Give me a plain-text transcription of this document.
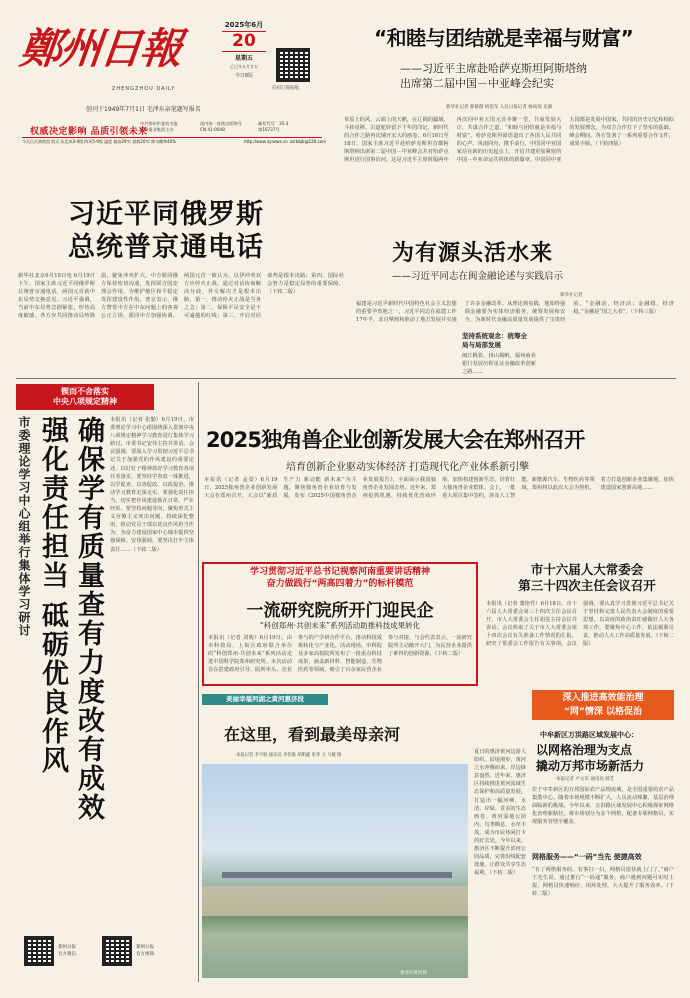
鄭州日報
ZHENGZHOU DAILY
创刊于1949年7月1日 毛泽东亲笔题写报名
2025年6月
20
星期五
乙巳年五月廿五
今日8版
扫码订阅报纸
权威决定影响 品质引领未来
中共郑州市委机关报
郑州报业集团主办
国内统一连续出版物号
CN 41-0048
邮发代号：35-3
第16737号
今天白天到夜里 阴天 东北风3-4级 阵风5-6级 温度 最高29℃ 最低20℃ 降水概率40%	http://www.zynews.cn zzrbbjb@126.com
“和睦与团结就是幸福与财富”
——习近平主席赴哈萨克斯坦阿斯塔纳
出席第二届中国－中亚峰会纪实
新华社记者 郝薇薇 杨依军 人民日报记者 杨尚琛 龙谦
草原上的风，云端上的天鹅，在辽阔的疆域，斗转星移。古道驼铃留下千年的印记，新时代的合作之路再次铺开宏大的画卷。6月16日至18日，国家主席习近平赴哈萨克斯坦首都阿斯塔纳出席第二届中国－中亚峰会并对哈萨克斯坦进行国事访问。这是习近平主席时隔两年再次同中亚五国元首齐聚一堂，共商发展大计，共谋合作之道。“和睦与团结就是幸福与财富”，哈萨克斯坦谚语道出了各国人民共同的心声。风雨同舟，携手前行，中国同中亚国家站在新的历史起点上，开启共建更加紧密的中国－中亚命运共同体的新篇章。中国同中亚五国都是发展中国家，共同的历史记忆和相似的发展理念，为双方合作打下了坚实的基础。峰会期间，各方签署了一系列重要合作文件，成果丰硕。（下转四版）
习近平同俄罗斯
总统普京通电话
新华社北京6月19日电 6月19日下午，国家主席习近平同俄罗斯总统普京通电话。两国元首就中东局势交换意见。习近平强调，当前中东局势急剧紧张，形势高度敏感，各方应共同推动局势降温，避免冲突扩大。中方愿同俄方保持密切沟通，发挥联合国安理会作用，为维护地区和平稳定发挥建设性作用。普京表示，俄方赞赏中方在中东问题上的客观公正立场，愿同中方加强协调。两国元首一致认为，以伊冲突双方应停火止战，通过对话协商解决分歧，外交解决才是根本出路。第一，推动停火止战是当务之急；第二，保障平民安全是不可逾越的红线；第三，开启对话谈判是根本出路；第四，国际社会努力是稳定局势的重要保障。（下转二版）
为有源头活水来
——习近平同志在闽金融论述与实践启示
新华社记者
福建是习近平新时代中国特色社会主义思想的重要孕育地之一。习近平同志在福建工作17年半，亲自擘画和推动了地方发展并实施了许多金融改革。从理论到实践，他始终强调金融要为实体经济服务，统筹发展和安全，为新时代金融高质量发展提供了宝贵经验。“金融活，经济活；金融稳，经济稳。”金融是“国之大者”。（下转三版）
坚持系统观念：统筹全局与局部发展
闽江帆影，扬山揭帆，福州商业银行发展历程见证金融改革创新之路……
锲而不舍落实
中央八项规定精神
市委理论学习中心组举行集体学习研讨	确保学有质量查有力度改有成效
强化责任担当 砥砺优良作风
本报讯（记者 张勤）6月19日，市委理论学习中心组围绕深入贯彻中央八项规定精神学习教育进行集体学习研讨。市委书记安伟主持并讲话。会议强调，要深入学习贯彻习近平总书记关于加强党的作风建设的重要论述，以钉钉子精神抓好学习教育各项任务落实。要坚持学查改一体推进，以学促查、以查促改、以改促治，推动学习教育走深走实。要强化责任担当，切实把作风建设抓在日常、严在经常。要坚持问题导向，聚焦形式主义官僚主义突出问题，持续深化整治，推动党员干部以优良作风担当作为，为奋力建设国家中心城市提供坚强保障。安伟强调，要坚决扛牢主体责任……（下转二版）
郑州日报
官方微信
郑州日报
官方视频
2025独角兽企业创新发展大会在郑州召开
培育创新企业驱动实体经济 打造现代化产业体系新引擎
本报讯（记者 孟姿）6月19日，2025独角兽企业创新发展大会在郑州召开。大会以“新质生产力 新动能 新未来”为主题，聚焦独角兽企业培育与发展，发布《2025中国独角兽企业发展报告》，全面展示我国独角兽企业发展态势。近年来，郑州抢抓机遇，持续优化营商环境，加快构建创新生态，培育壮大独角兽企业群体。会上，一批重大项目集中签约，涉及人工智能、新能源汽车、生物医药等领域。郑州将以此次大会为契机，着力打造创新企业集聚地，加快建设国家创新高地……
学习贯彻习近平总书记视察河南重要讲话精神
奋力做践行“两高四着力”的标杆模范
一流研究院所开门迎民企
“科创郑州·共创未来”系列活动助推科技成果转化
本报讯（记者 刘俊）6月19日，由市科技局、上街区政府联合举办的“科创郑州·共创未来”系列活动走进中国科学院郑州研究所。本次活动旨在搭建政府引导、院所牵头、企业参与的产学研合作平台，推动科技成果转化与产业化。活动现场，中科院及多家高校院所发布了一批重点科技成果，涵盖新材料、智能制造、生物医药等领域，吸引了百余家民营企业参与对接。与会代表表示，一流研究院所主动敞开大门，为民营企业提供了难得的创新资源。（下转二版）
市十六届人大常委会
第三十四次主任会议召开
本报讯（记者 董艳竹）6月18日，市十六届人大常委会第三十四次主任会议召开。市人大常委会主任胡荃主持会议并讲话。会议听取了关于市人大常委会第十四次会议有关准备工作情况的汇报，研究了常委会工作报告有关事项。会议强调，要认真学习贯彻习近平总书记关于坚持和完善人民代表大会制度的重要思想，以高度的政治责任感做好人大各项工作。要聚焦中心工作，依法履职尽责，推动人大工作高质量发展。（下转二版）
美丽幸福河湖之黄河惠济段
在这里，看到最美母亲河
本报记者 李宇航 通讯员 李伟康 胡明鑫 张华 文 马敏 图
惠济区黄河段
夏日的惠济黄河边游人如织。沿堤漫步，黄河之水奔腾而来，岸边绿意盎然。近年来，惠济区持续推进黄河流域生态保护和高质量发展，打造出一幅河畅、水清、岸绿、景美的生态画卷。黄河湿地公园内，鸟类栖息，水草丰茂，成为市民休闲打卡的好去处。今年以来，惠济区不断提升滨河公园品质，完善沿线配套设施，让群众共享生态福利。（下转二版）
深入推进高效能治理
“网”情深 以格促治
中牟新区万洪路区域发展中心：
以网格治理为支点
撬动万邦市场新活力
本报记者 卢文军 通讯员 韩艺
位于中牟新区的万邦国际农产品物流城，是全国重要的农产品集散中心。随着市场规模不断扩大，人员流动频繁，基层治理面临新的挑战。今年以来，万洪路区域发展中心积极探索网格化治理新路径，将市场划分为多个网格，配备专职网格员，实现服务管理全覆盖。
网格服务——“一码”当先 便捷高效
“有了网格服务码，有事扫一扫，网格员很快就上门了。”商户王先生说。通过推行“一码通”服务，商户遇到问题可实时上报，网格员快速响应、闭环处理，大大提升了服务效率。（下转二版）
